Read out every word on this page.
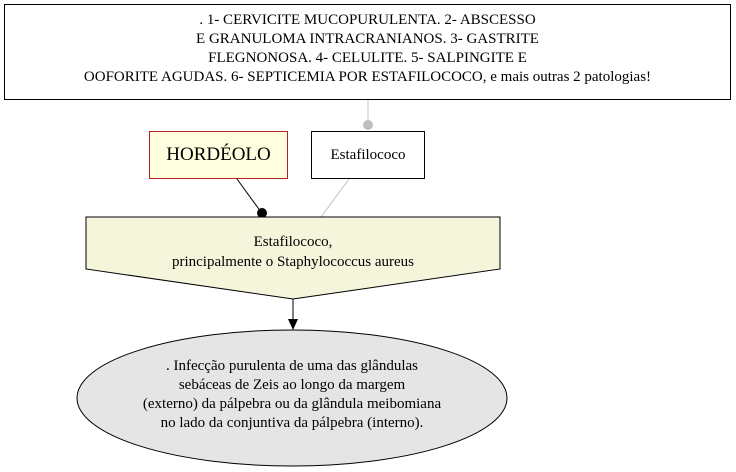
. 1- CERVICITE MUCOPURULENTA. 2- ABSCESSO
E GRANULOMA INTRACRANIANOS. 3- GASTRITE
FLEGNONOSA. 4- CELULITE. 5- SALPINGITE E
OOFORITE AGUDAS. 6- SEPTICEMIA POR ESTAFILOCOCO, e mais outras 2 patologias!
HORDÉOLO	Estafilococo
Estafilococo,
principalmente o Staphylococcus aureus
. Infecção purulenta de uma das glândulas
sebáceas de Zeis ao longo da margem
(externo) da pálpebra ou da glândula meibomiana
no lado da conjuntiva da pálpebra (interno).
